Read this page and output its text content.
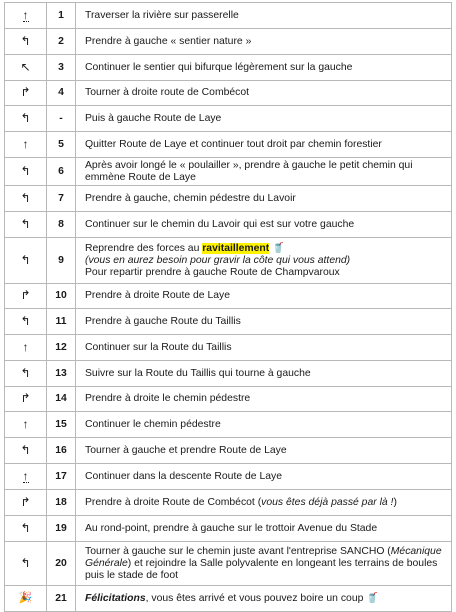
↑	1	Traverser la rivière sur passerelle
↰	2	Prendre à gauche « sentier nature »
↖	3	Continuer le sentier qui bifurque légèrement sur la gauche
↱	4	Tourner à droite route de Combécot
↰	-	Puis à gauche Route de Laye
↑	5	Quitter Route de Laye et continuer tout droit par chemin forestier
↰	6	Après avoir longé le « poulailler », prendre à gauche le petit chemin qui emmène Route de Laye
↰	7	Prendre à gauche, chemin pédestre du Lavoir
↰	8	Continuer sur le chemin du Lavoir qui est sur votre gauche
↰	9	Reprendre des forces au ravitaillement 🥤
(vous en aurez besoin pour gravir la côte qui vous attend)
Pour repartir prendre à gauche Route de Champvaroux

↱	10	Prendre à droite Route de Laye
↰	11	Prendre à gauche Route du Taillis
↑	12	Continuer sur la Route du Taillis
↰	13	Suivre sur la Route du Taillis qui tourne à gauche
↱	14	Prendre à droite le chemin pédestre
↑	15	Continuer le chemin pédestre
↰	16	Tourner à gauche et prendre Route de Laye
↑	17	Continuer dans la descente Route de Laye
↱	18	Prendre à droite Route de Combécot (vous êtes déjà passé par là !)
↰	19	Au rond-point, prendre à gauche sur le trottoir Avenue du Stade
↰	20	Tourner à gauche sur le chemin juste avant l'entreprise SANCHO (Mécanique Générale) et rejoindre la Salle polyvalente en longeant les terrains de boules puis le stade de foot
🎉	21	Félicitations, vous êtes arrivé et vous pouvez boire un coup 🥤
